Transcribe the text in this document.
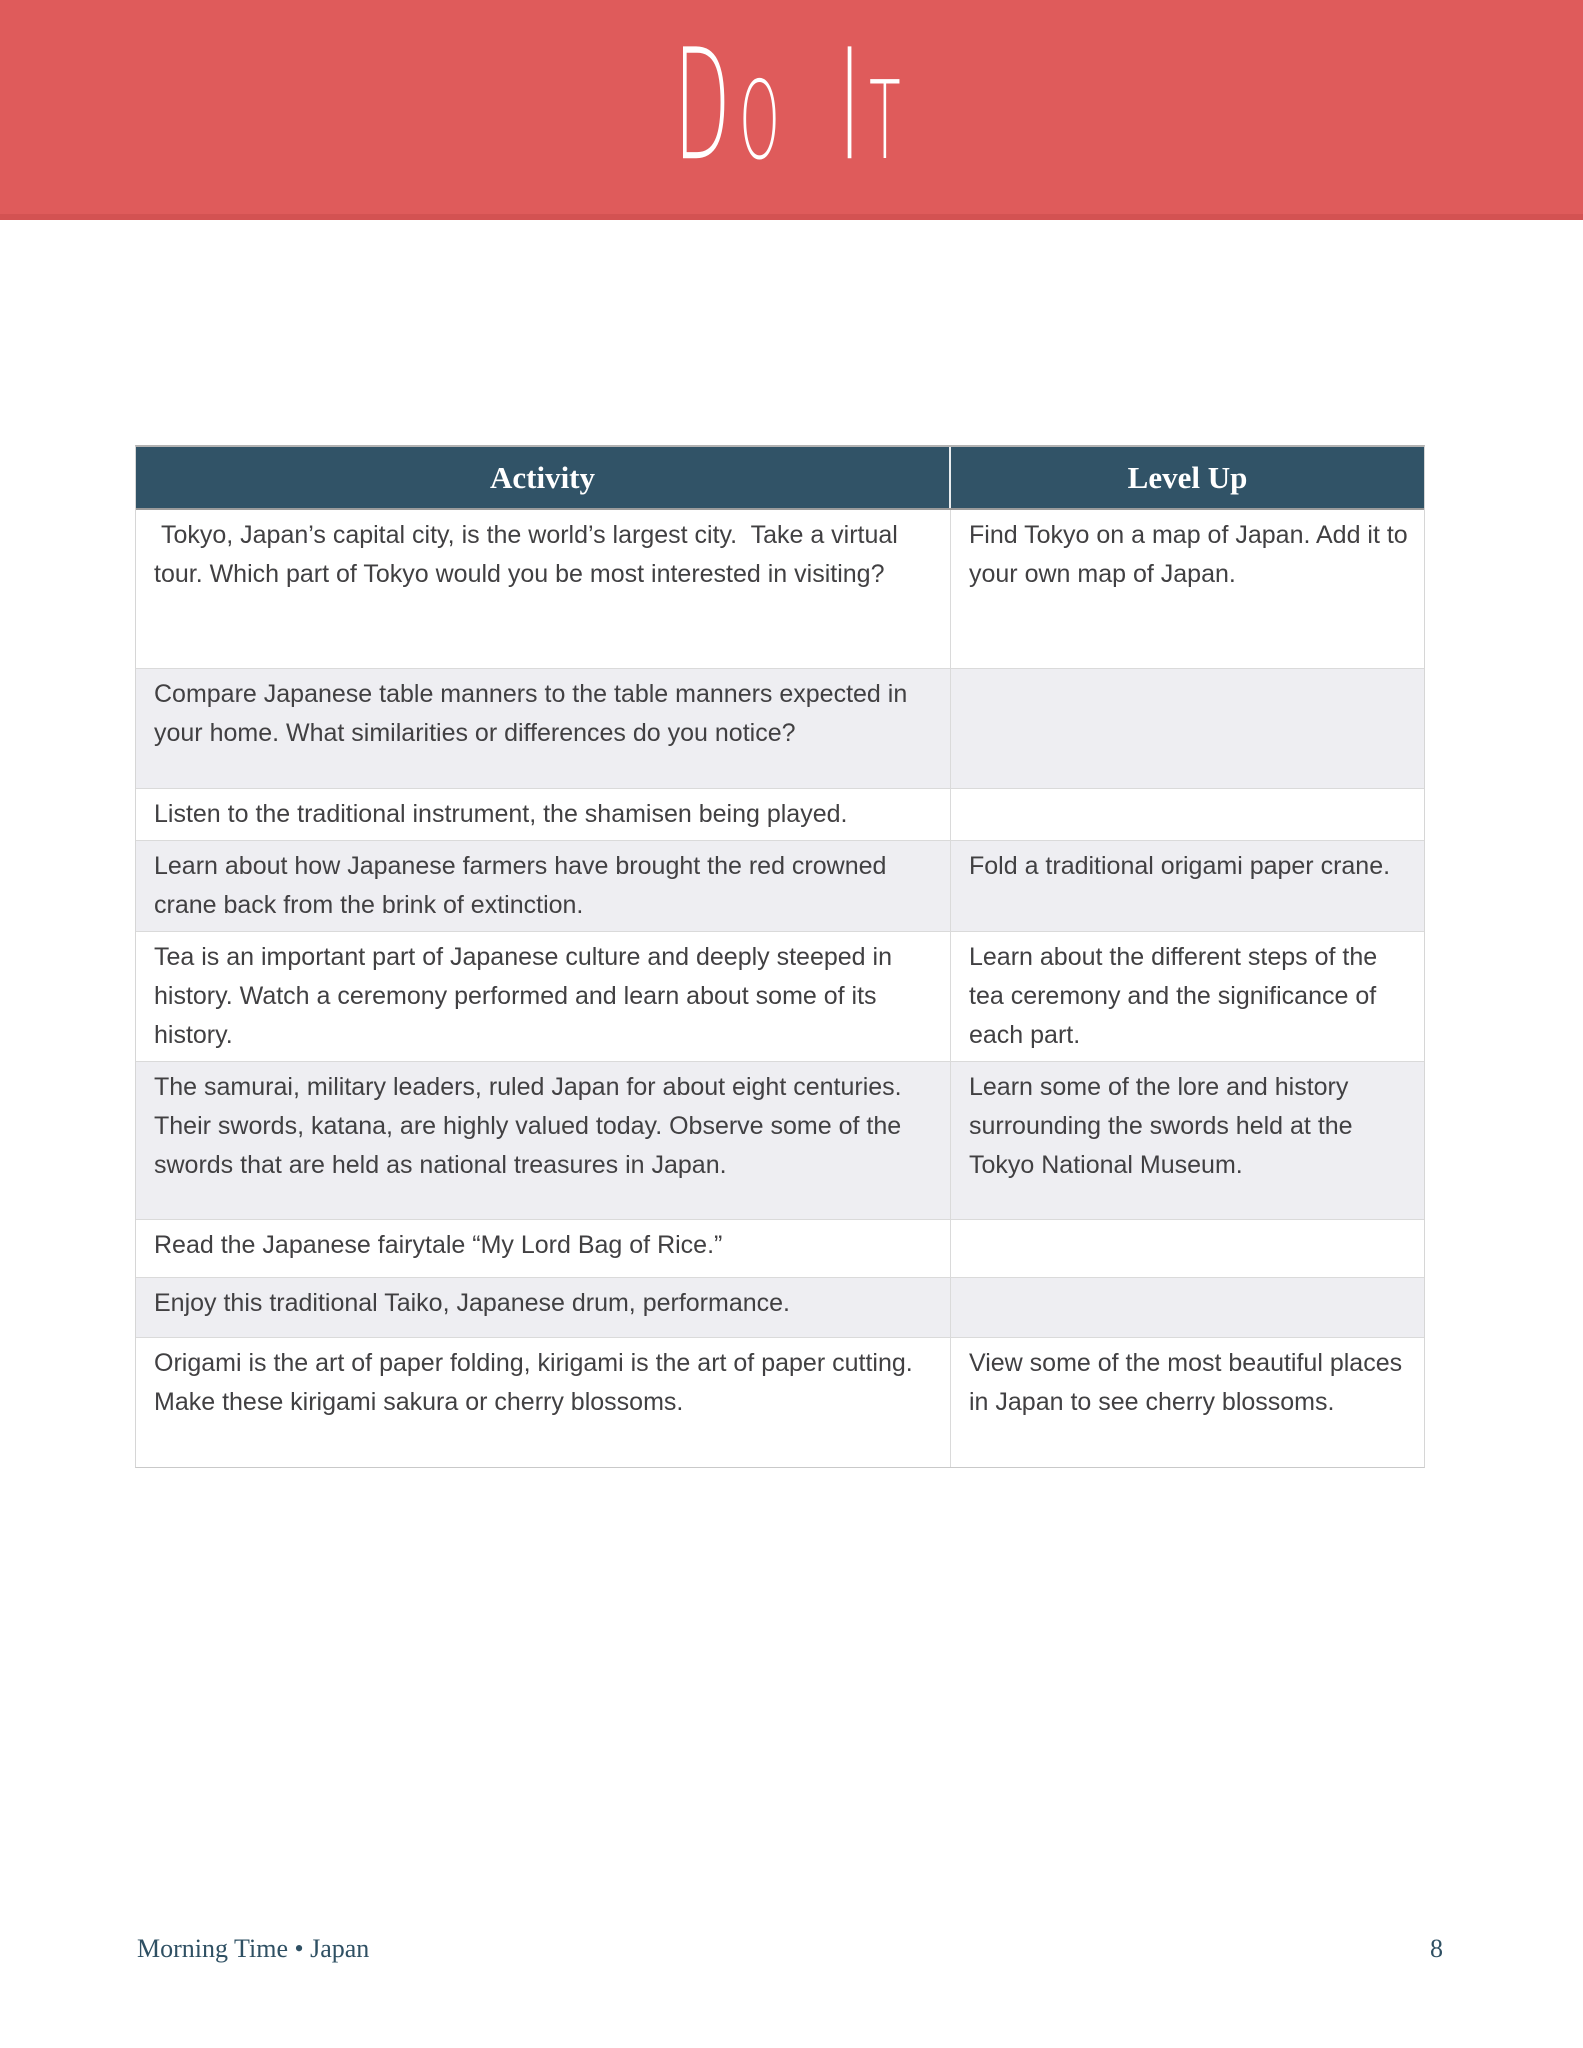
Do It
Activity	Level Up
Tokyo, Japan’s capital city, is the world’s largest city.  Take a virtual tour. Which part of Tokyo would you be most interested in visiting?
Find Tokyo on a map of Japan. Add it to your own map of Japan.
Compare Japanese table manners to the table manners expected in your home. What similarities or differences do you notice?
Listen to the traditional instrument, the shamisen being played.
Learn about how Japanese farmers have brought the red crowned crane back from the brink of extinction.
Fold a traditional origami paper crane.
Tea is an important part of Japanese culture and deeply steeped in history. Watch a ceremony performed and learn about some of its history.
Learn about the different steps of the tea ceremony and the significance of each part.
The samurai, military leaders, ruled Japan for about eight centuries. Their swords, katana, are highly valued today. Observe some of the swords that are held as national treasures in Japan.
Learn some of the lore and history surrounding the swords held at the Tokyo National Museum.
Read the Japanese fairytale “My Lord Bag of Rice.”
Enjoy this traditional Taiko, Japanese drum, performance.
Origami is the art of paper folding, kirigami is the art of paper cutting. Make these kirigami sakura or cherry blossoms.
View some of the most beautiful places in Japan to see cherry blossoms.
Morning Time • Japan	8
